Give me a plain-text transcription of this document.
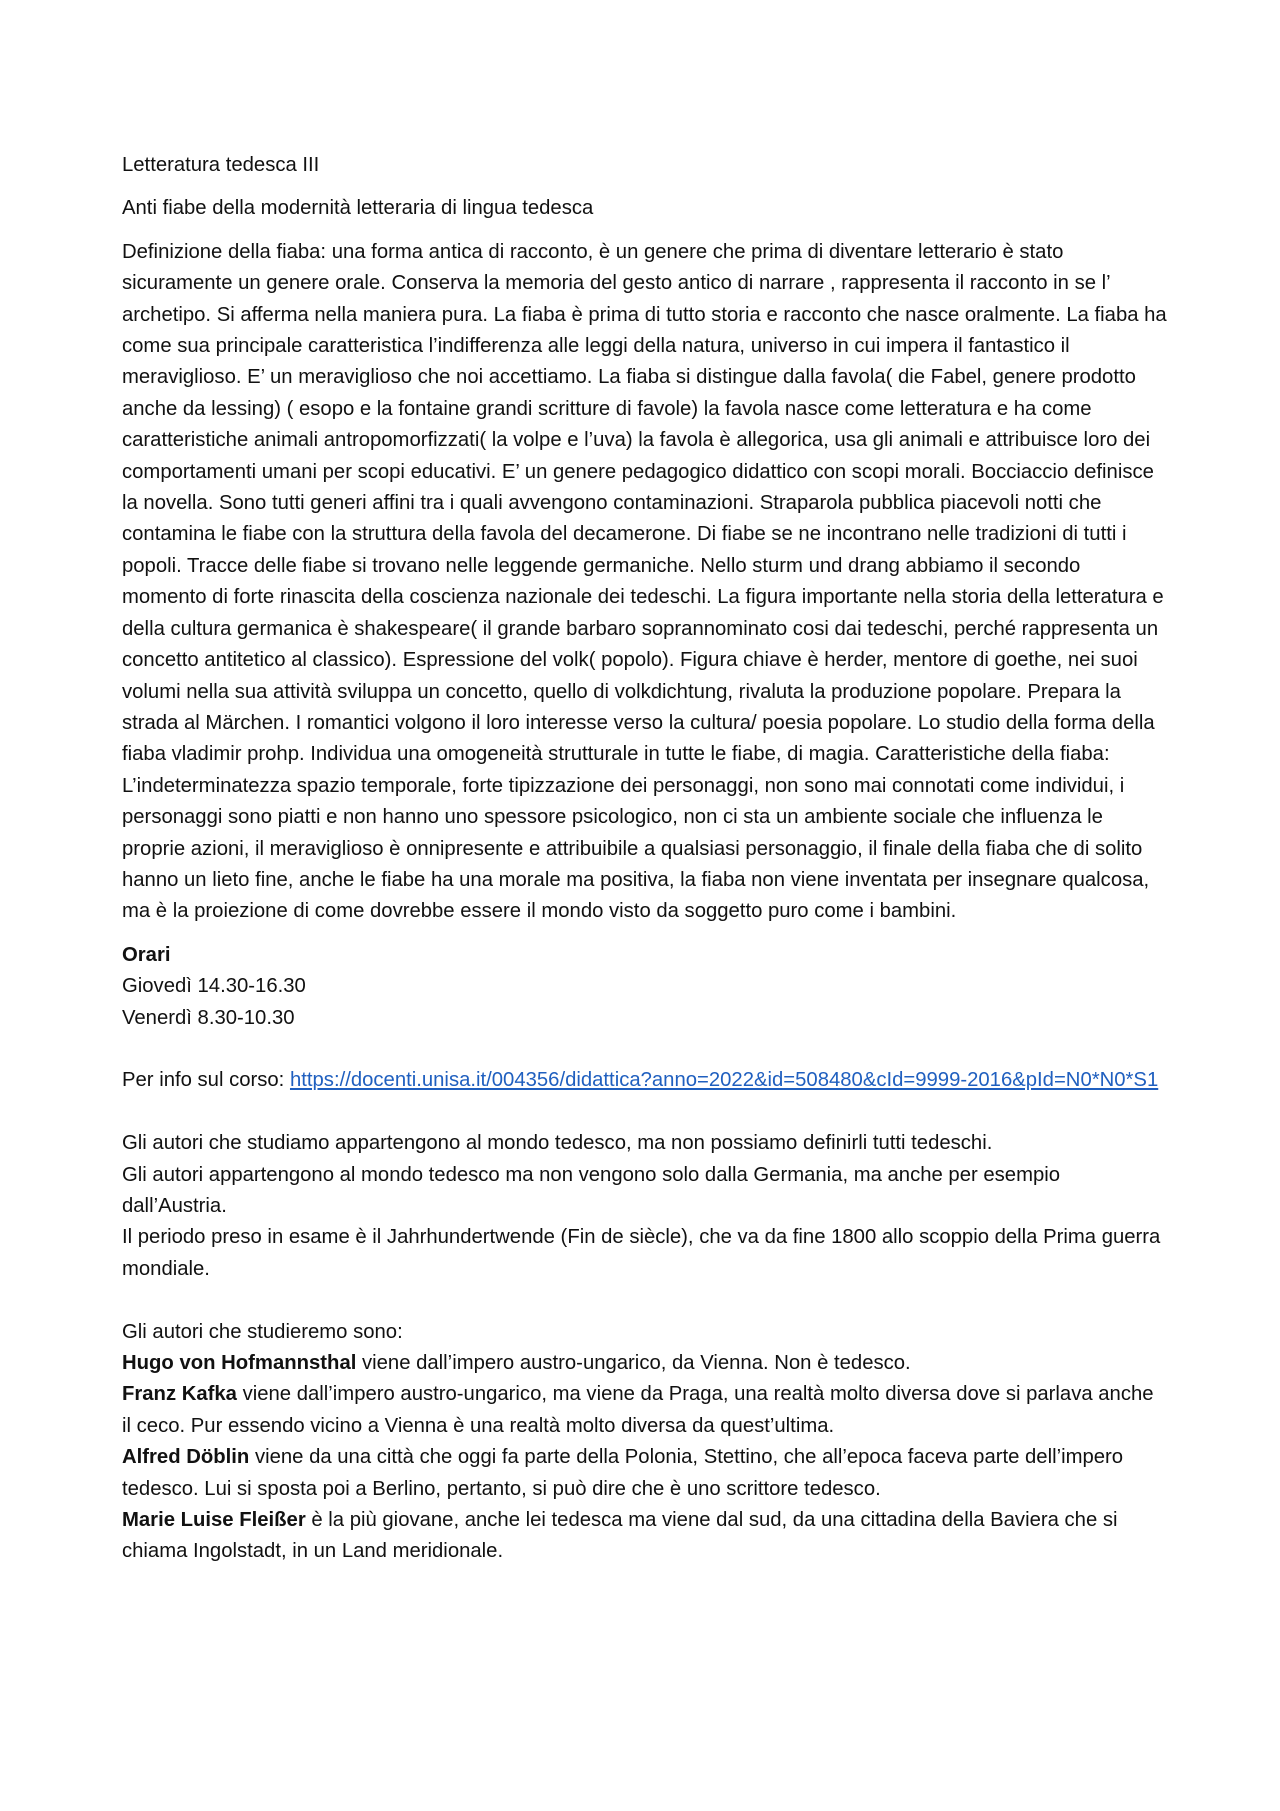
Letteratura tedesca III

Anti fiabe della modernità letteraria di lingua tedesca

Definizione della fiaba: una forma antica di racconto, è un genere che prima di diventare letterario è stato sicuramente un genere orale. Conserva la memoria del gesto antico di narrare , rappresenta il racconto in se l’ archetipo. Si afferma nella maniera pura. La fiaba è prima di tutto storia e racconto che nasce oralmente. La fiaba ha come sua principale caratteristica l’indifferenza alle leggi della natura, universo in cui impera il fantastico il meraviglioso. E’ un meraviglioso che noi accettiamo. La fiaba si distingue dalla favola( die Fabel, genere prodotto anche da lessing) ( esopo e la fontaine grandi scritture di favole) la favola nasce come letteratura e ha come caratteristiche animali antropomorfizzati( la volpe e l’uva) la favola è allegorica, usa gli animali e attribuisce loro dei comportamenti umani per scopi educativi. E’ un genere pedagogico didattico con scopi morali. Bocciaccio definisce la novella. Sono tutti generi affini tra i quali avvengono contaminazioni. Straparola pubblica piacevoli notti che contamina le fiabe con la struttura della favola del decamerone. Di fiabe se ne incontrano nelle tradizioni di tutti i popoli. Tracce delle fiabe si trovano nelle leggende germaniche. Nello sturm und drang abbiamo il secondo momento di forte rinascita della coscienza nazionale dei tedeschi. La figura importante nella storia della letteratura e della cultura germanica è shakespeare( il grande barbaro soprannominato cosi dai tedeschi, perché rappresenta un concetto antitetico al classico). Espressione del volk( popolo). Figura chiave è herder, mentore di goethe, nei suoi volumi nella sua attività sviluppa un concetto, quello di volkdichtung, rivaluta la produzione popolare. Prepara la strada al Märchen. I romantici volgono il loro interesse verso la cultura/ poesia popolare. Lo studio della forma della fiaba vladimir prohp. Individua una omogeneità strutturale in tutte le fiabe, di magia. Caratteristiche della fiaba: L’indeterminatezza spazio temporale, forte tipizzazione dei personaggi, non sono mai connotati come individui, i personaggi sono piatti e non hanno uno spessore psicologico, non ci sta un ambiente sociale che influenza le proprie azioni, il meraviglioso è onnipresente e attribuibile a qualsiasi personaggio, il finale della fiaba che di solito hanno un lieto fine, anche le fiabe ha una morale ma positiva, la fiaba non viene inventata per insegnare qualcosa, ma è la proiezione di come dovrebbe essere il mondo visto da soggetto puro come i bambini.

Orari
Giovedì 14.30-16.30
Venerdì 8.30-10.30
Per info sul corso: https://docenti.unisa.it/004356/didattica?anno=2022&id=508480&cId=9999-2016&pId=N0*N0*S1
Gli autori che studiamo appartengono al mondo tedesco, ma non possiamo definirli tutti tedeschi.
Gli autori appartengono al mondo tedesco ma non vengono solo dalla Germania, ma anche per esempio dall’Austria.
Il periodo preso in esame è il Jahrhundertwende (Fin de siècle), che va da fine 1800 allo scoppio della Prima guerra mondiale.
Gli autori che studieremo sono:
Hugo von Hofmannsthal viene dall’impero austro-ungarico, da Vienna. Non è tedesco.
Franz Kafka viene dall’impero austro-ungarico, ma viene da Praga, una realtà molto diversa dove si parlava anche il ceco. Pur essendo vicino a Vienna è una realtà molto diversa da quest’ultima.
Alfred Döblin viene da una città che oggi fa parte della Polonia, Stettino, che all’epoca faceva parte dell’impero tedesco. Lui si sposta poi a Berlino, pertanto, si può dire che è uno scrittore tedesco.
Marie Luise Fleißer è la più giovane, anche lei tedesca ma viene dal sud, da una cittadina della Baviera che si chiama Ingolstadt, in un Land meridionale.
